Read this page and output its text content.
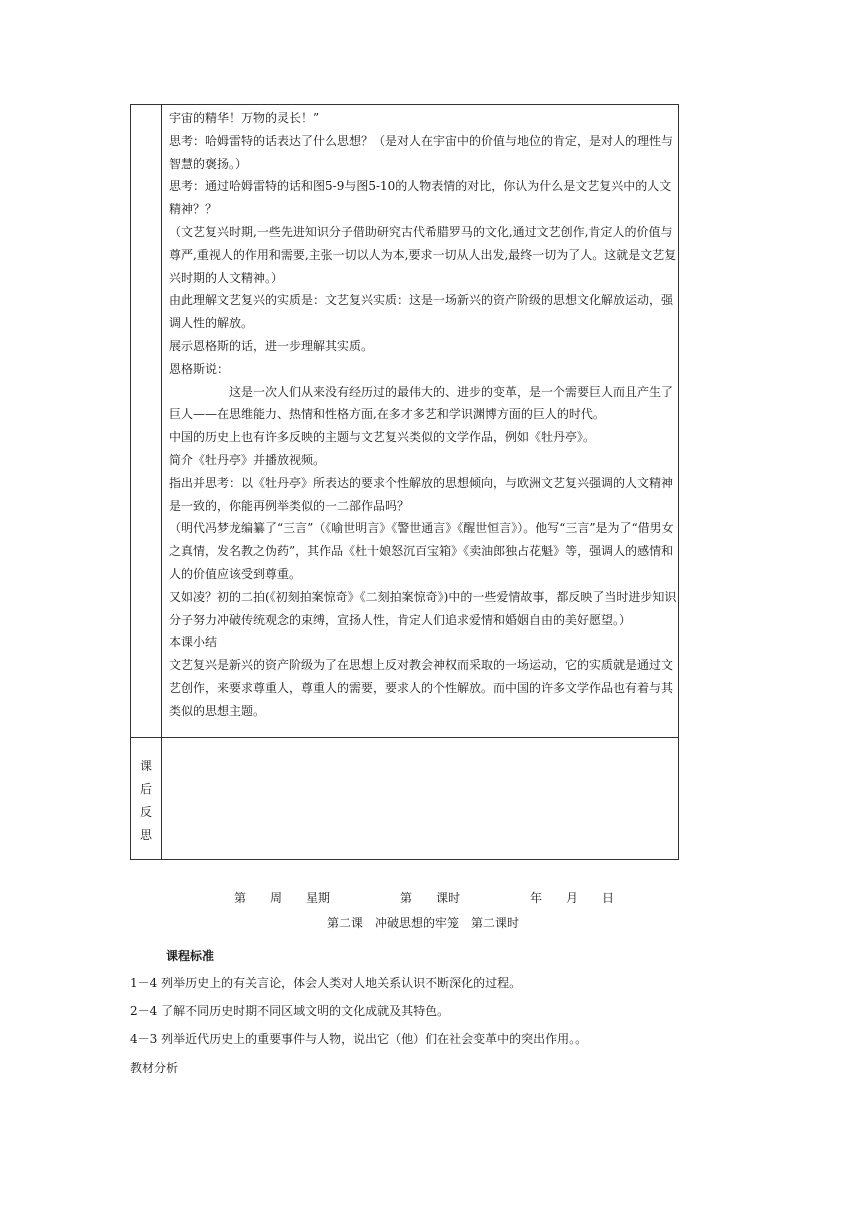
宇宙的精华！万物的灵长！”

思考：哈姆雷特的话表达了什么思想？（是对人在宇宙中的价值与地位的肯定，是对人的理性与智慧的褒扬。）

思考：通过哈姆雷特的话和图5-9与图5-10的人物表情的对比，你认为什么是文艺复兴中的人文精神？？

（文艺复兴时期,一些先进知识分子借助研究古代希腊罗马的文化,通过文艺创作,肯定人的价值与尊严,重视人的作用和需要,主张一切以人为本,要求一切从人出发,最终一切为了人。这就是文艺复兴时期的人文精神。）

由此理解文艺复兴的实质是：文艺复兴实质：这是一场新兴的资产阶级的思想文化解放运动，强调人性的解放。

展示恩格斯的话，进一步理解其实质。

恩格斯说：

这是一次人们从来没有经历过的最伟大的、进步的变革，是一个需要巨人而且产生了巨人——在思维能力、热情和性格方面,在多才多艺和学识渊博方面的巨人的时代。

中国的历史上也有许多反映的主题与文艺复兴类似的文学作品，例如《牡丹亭》。

简介《牡丹亭》并播放视频。

指出并思考：以《牡丹亭》所表达的要求个性解放的思想倾向，与欧洲文艺复兴强调的人文精神是一致的，你能再例举类似的一二部作品吗？

（明代冯梦龙编纂了“三言”（《喻世明言》《警世通言》《醒世恒言》）。他写“三言”是为了“借男女之真情，发名教之伪药”，其作品《杜十娘怒沉百宝箱》《卖油郎独占花魁》等，强调人的感情和人的价值应该受到尊重。

又如凌？初的二拍(《初刻拍案惊奇》《二刻拍案惊奇》)中的一些爱情故事，都反映了当时进步知识分子努力冲破传统观念的束缚，宣扬人性，肯定人们追求爱情和婚姻自由的美好愿望。）

本课小结

文艺复兴是新兴的资产阶级为了在思想上反对教会神权而采取的一场运动，它的实质就是通过文艺创作，来要求尊重人，尊重人的需要，要求人的个性解放。而中国的许多文学作品也有着与其类似的思想主题。

课
后
反
思
第　　周　　星期	第　　课时	年　　月　　日
第二课　冲破思想的牢笼　第二课时
课程标准
1－4 列举历史上的有关言论，体会人类对人地关系认识不断深化的过程。
2－4 了解不同历史时期不同区域文明的文化成就及其特色。
4－3 列举近代历史上的重要事件与人物，说出它（他）们在社会变革中的突出作用。。
教材分析
